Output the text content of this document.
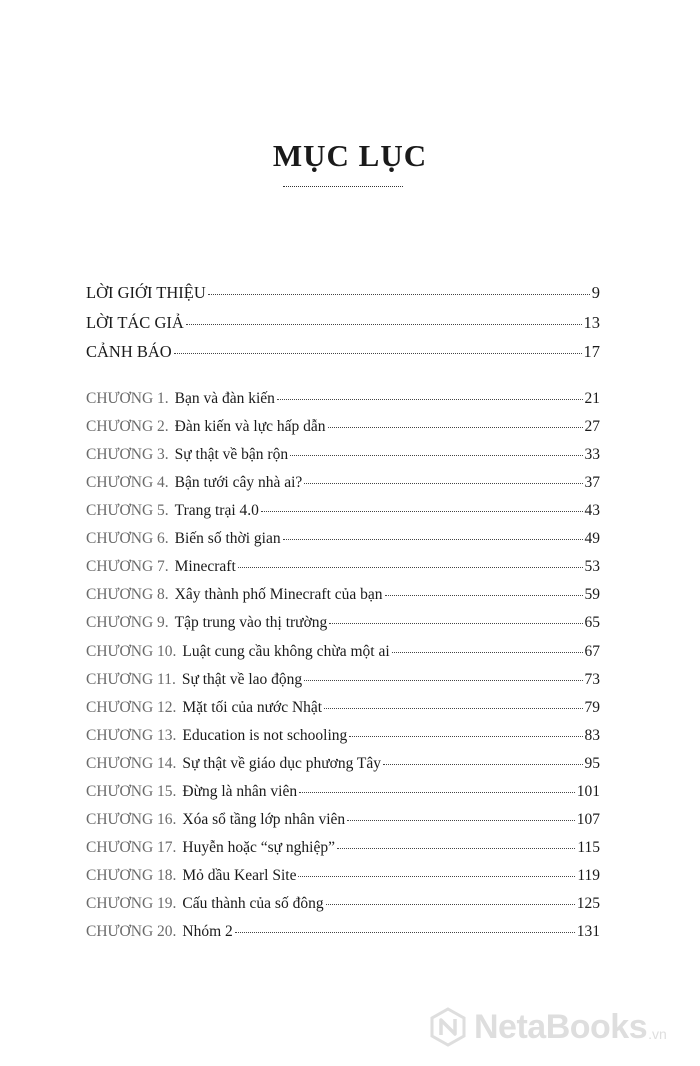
MỤC LỤC
LỜI GIỚI THIỆU	9
LỜI TÁC GIẢ	13
CẢNH BÁO	17
CHƯƠNG 1. Bạn và đàn kiến	21
CHƯƠNG 2. Đàn kiến và lực hấp dẫn	27
CHƯƠNG 3. Sự thật về bận rộn	33
CHƯƠNG 4. Bận tưới cây nhà ai?	37
CHƯƠNG 5. Trang trại 4.0	43
CHƯƠNG 6. Biến số thời gian	49
CHƯƠNG 7. Minecraft	53
CHƯƠNG 8. Xây thành phố Minecraft của bạn	59
CHƯƠNG 9. Tập trung vào thị trường	65
CHƯƠNG 10. Luật cung cầu không chừa một ai	67
CHƯƠNG 11. Sự thật về lao động	73
CHƯƠNG 12. Mặt tối của nước Nhật	79
CHƯƠNG 13. Education is not schooling	83
CHƯƠNG 14. Sự thật về giáo dục phương Tây	95
CHƯƠNG 15. Đừng là nhân viên	101
CHƯƠNG 16. Xóa sổ tầng lớp nhân viên	107
CHƯƠNG 17. Huyễn hoặc “sự nghiệp”	115
CHƯƠNG 18. Mỏ dầu Kearl Site	119
CHƯƠNG 19. Cấu thành của số đông	125
CHƯƠNG 20. Nhóm 2	131
NetaBooks .vn
